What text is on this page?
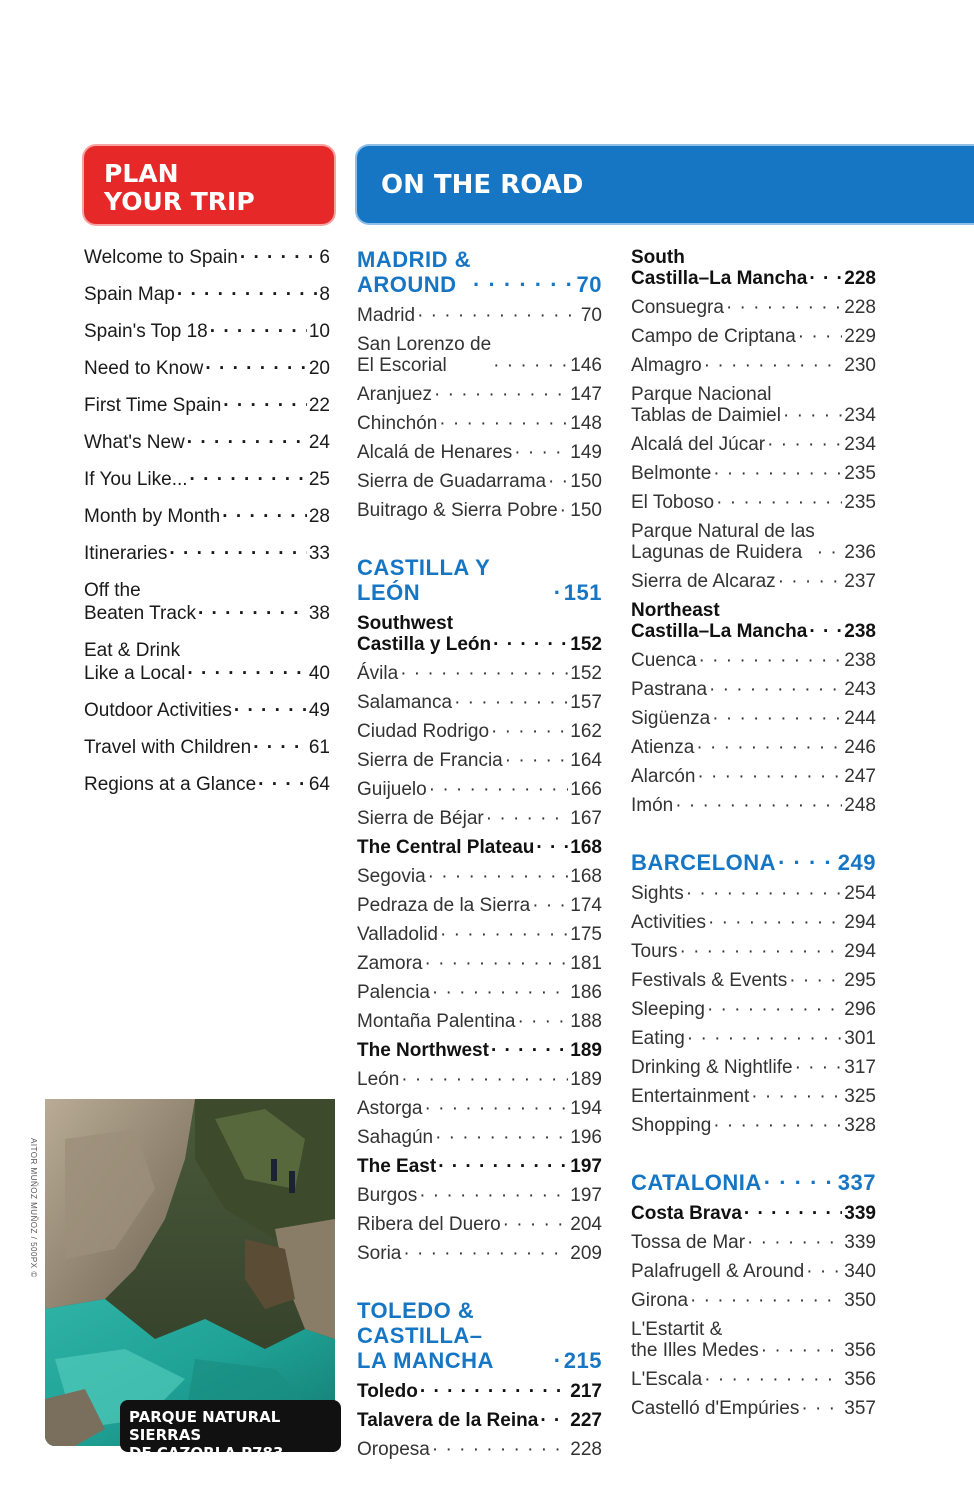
PLAN
YOUR TRIP
ON THE ROAD
Welcome to Spain · · ·	6
Spain Map · · ·	8
Spain's Top 18 · · ·	10
Need to Know · · ·	20
First Time Spain · · ·	22
What's New · · ·	24
If You Like... · · ·	25
Month by Month · · ·	28
Itineraries · · ·	33
Off the
Beaten Track · · ·	38
Eat & Drink
Like a Local · · ·	40
Outdoor Activities · · ·	49
Travel with Children · · ·	61
Regions at a Glance · · ·	64
MADRID &
AROUND · · ·	70
Madrid · · ·	70
San Lorenzo de
El Escorial · · ·	146
Aranjuez · · ·	147
Chinchón · · ·	148
Alcalá de Henares · · ·	149
Sierra de Guadarrama · · · 150
Buitrago & Sierra Pobre · · · 150
CASTILLA Y LEÓN · · ·	151
Southwest
Castilla y León · · ·	152
Ávila · · ·	152
Salamanca · · ·	157
Ciudad Rodrigo · · ·	162
Sierra de Francia · · ·	164
Guijuelo · · ·	166
Sierra de Béjar · · ·	167
The Central Plateau · · · 168
Segovia · · ·	168
Pedraza de la Sierra · · · 174
Valladolid · · ·	175
Zamora · · ·	181
Palencia · · ·	186
Montaña Palentina · · ·	188
The Northwest · · ·	189
León · · ·	189
Astorga · · ·	194
Sahagún · · ·	196
The East · · ·	197
Burgos · · ·	197
Ribera del Duero · · ·	204
Soria · · ·	209
TOLEDO & CASTILLA–
LA MANCHA · · ·	215
Toledo · · ·	217
Talavera de la Reina · · · 227
Oropesa · · ·	228
South
Castilla–La Mancha · · · 228
Consuegra · · ·	228
Campo de Criptana · · ·	229
Almagro · · ·	230
Parque Nacional
Tablas de Daimiel · · ·	234
Alcalá del Júcar · · ·	234
Belmonte · · ·	235
El Toboso · · ·	235
Parque Natural de las
Lagunas de Ruidera · · ·	236
Sierra de Alcaraz · · ·	237
Northeast
Castilla–La Mancha · · · 238
Cuenca · · ·	238
Pastrana · · ·	243
Sigüenza · · ·	244
Atienza · · ·	246
Alarcón · · ·	247
Imón · · ·	248
BARCELONA · · ·	249
Sights · · ·	254
Activities · · ·	294
Tours · · ·	294
Festivals & Events · · ·	295
Sleeping · · ·	296
Eating · · ·	301
Drinking & Nightlife · · ·	317
Entertainment · · ·	325
Shopping · · ·	328
CATALONIA · · ·	337
Costa Brava · · ·	339
Tossa de Mar · · ·	339
Palafrugell & Around · · · 340
Girona · · ·	350
L'Estartit &
the Illes Medes · · ·	356
L'Escala · · ·	356
Castelló d'Empúries · · · 357
AITOR MUÑOZ MUÑOZ / 500PX ©
PARQUE NATURAL SIERRAS
DE CAZORLA P783
